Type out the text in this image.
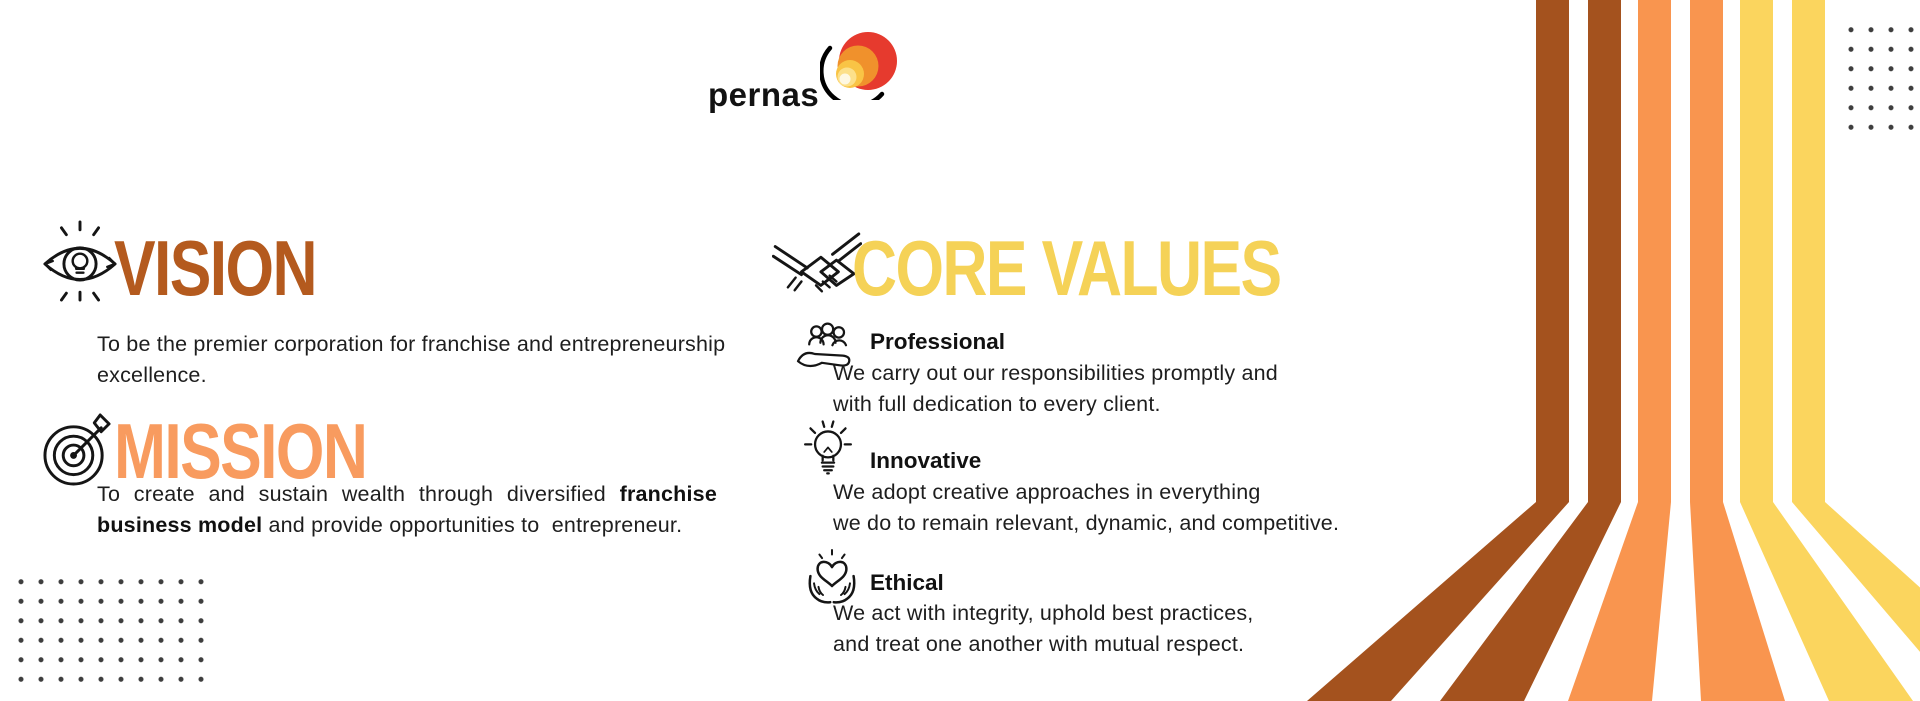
pernas
VISION
To be the premier corporation for franchise and entrepreneurship
excellence.
MISSION
To create and sustain wealth through diversified franchise
business model and provide opportunities to  entrepreneur.
CORE VALUES
Professional
We carry out our responsibilities promptly and
with full dedication to every client.
Innovative
We adopt creative approaches in everything
we do to remain relevant, dynamic, and competitive.
Ethical
We act with integrity, uphold best practices,
and treat one another with mutual respect.
